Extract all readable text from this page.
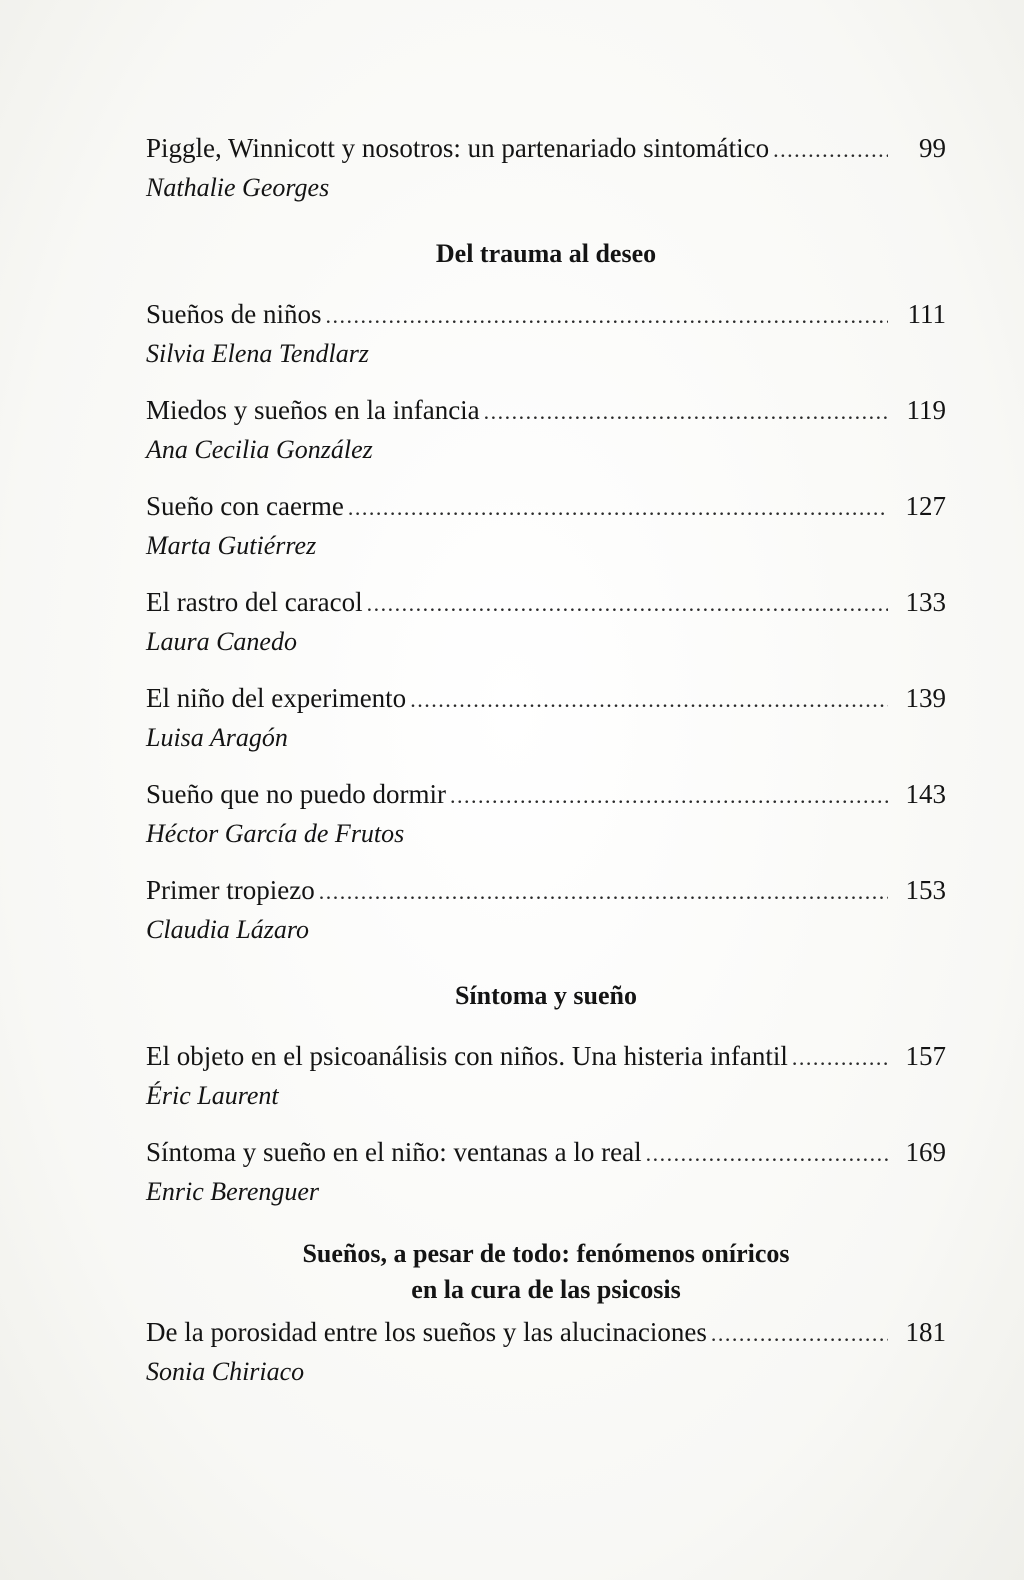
Piggle, Winnicott y nosotros: un partenariado sintomático . . .	99
Nathalie Georges
Del trauma al deseo
Sueños de niños . . .	111
Silvia Elena Tendlarz
Miedos y sueños en la infancia . . .	119
Ana Cecilia González
Sueño con caerme . . .	127
Marta Gutiérrez
El rastro del caracol . . .	133
Laura Canedo
El niño del experimento . . .	139
Luisa Aragón
Sueño que no puedo dormir . . .	143
Héctor García de Frutos
Primer tropiezo . . .	153
Claudia Lázaro
Síntoma y sueño
El objeto en el psicoanálisis con niños. Una histeria infantil . . .	157
Éric Laurent
Síntoma y sueño en el niño: ventanas a lo real . . .	169
Enric Berenguer
Sueños, a pesar de todo: fenómenos oníricos
en la cura de las psicosis
De la porosidad entre los sueños y las alucinaciones . . .	181
Sonia Chiriaco
